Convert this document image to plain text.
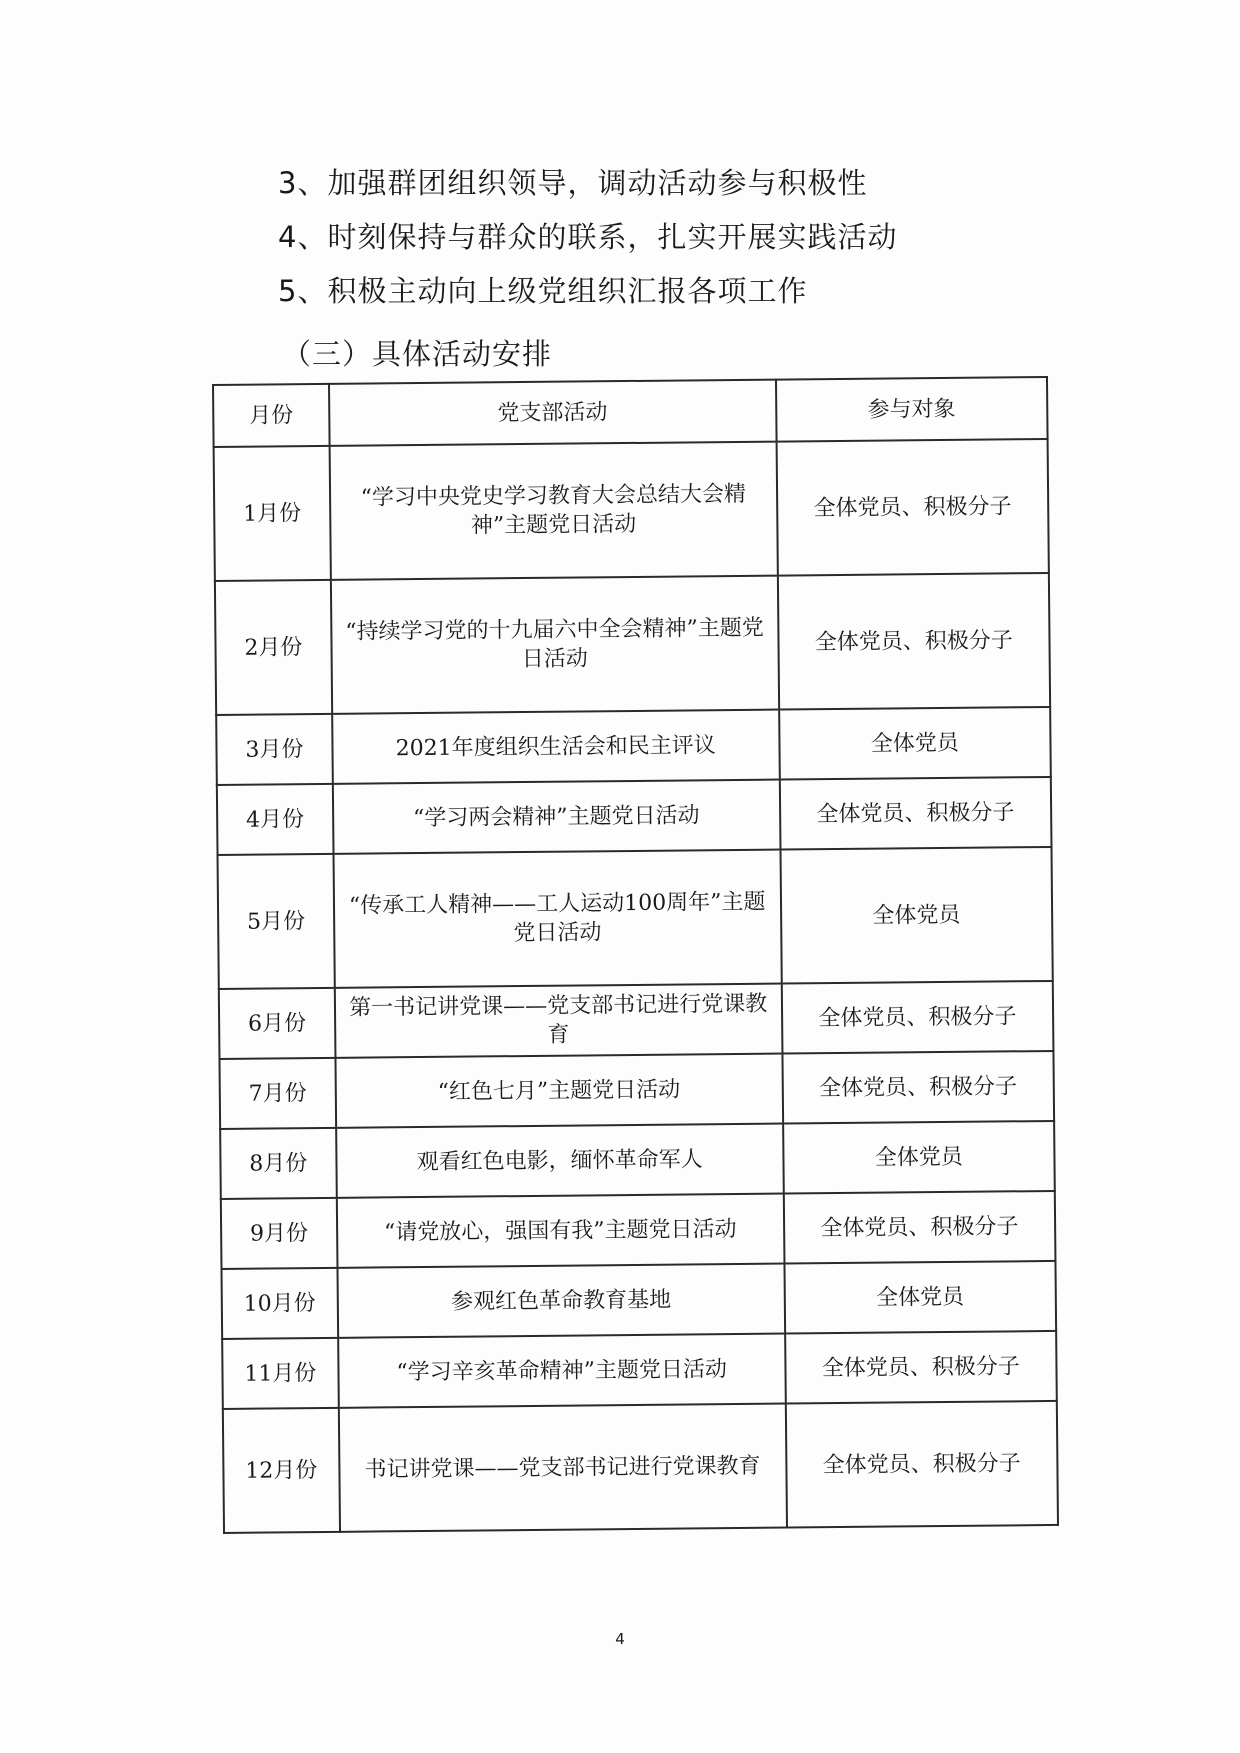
3、加强群团组织领导，调动活动参与积极性
4、时刻保持与群众的联系，扎实开展实践活动
5、积极主动向上级党组织汇报各项工作
（三）具体活动安排
月份	党支部活动	参与对象
1月份	“学习中央党史学习教育大会总结大会精神”主题党日活动	全体党员、积极分子
2月份	“持续学习党的十九届六中全会精神”主题党日活动	全体党员、积极分子
3月份	2021年度组织生活会和民主评议	全体党员
4月份	“学习两会精神”主题党日活动	全体党员、积极分子
5月份	“传承工人精神——工人运动100周年”主题党日活动	全体党员
6月份	第一书记讲党课——党支部书记进行党课教育	全体党员、积极分子
7月份	“红色七月”主题党日活动	全体党员、积极分子
8月份	观看红色电影，缅怀革命军人	全体党员
9月份	“请党放心，强国有我”主题党日活动	全体党员、积极分子
10月份	参观红色革命教育基地	全体党员
11月份	“学习辛亥革命精神”主题党日活动	全体党员、积极分子
12月份	书记讲党课——党支部书记进行党课教育	全体党员、积极分子
4
